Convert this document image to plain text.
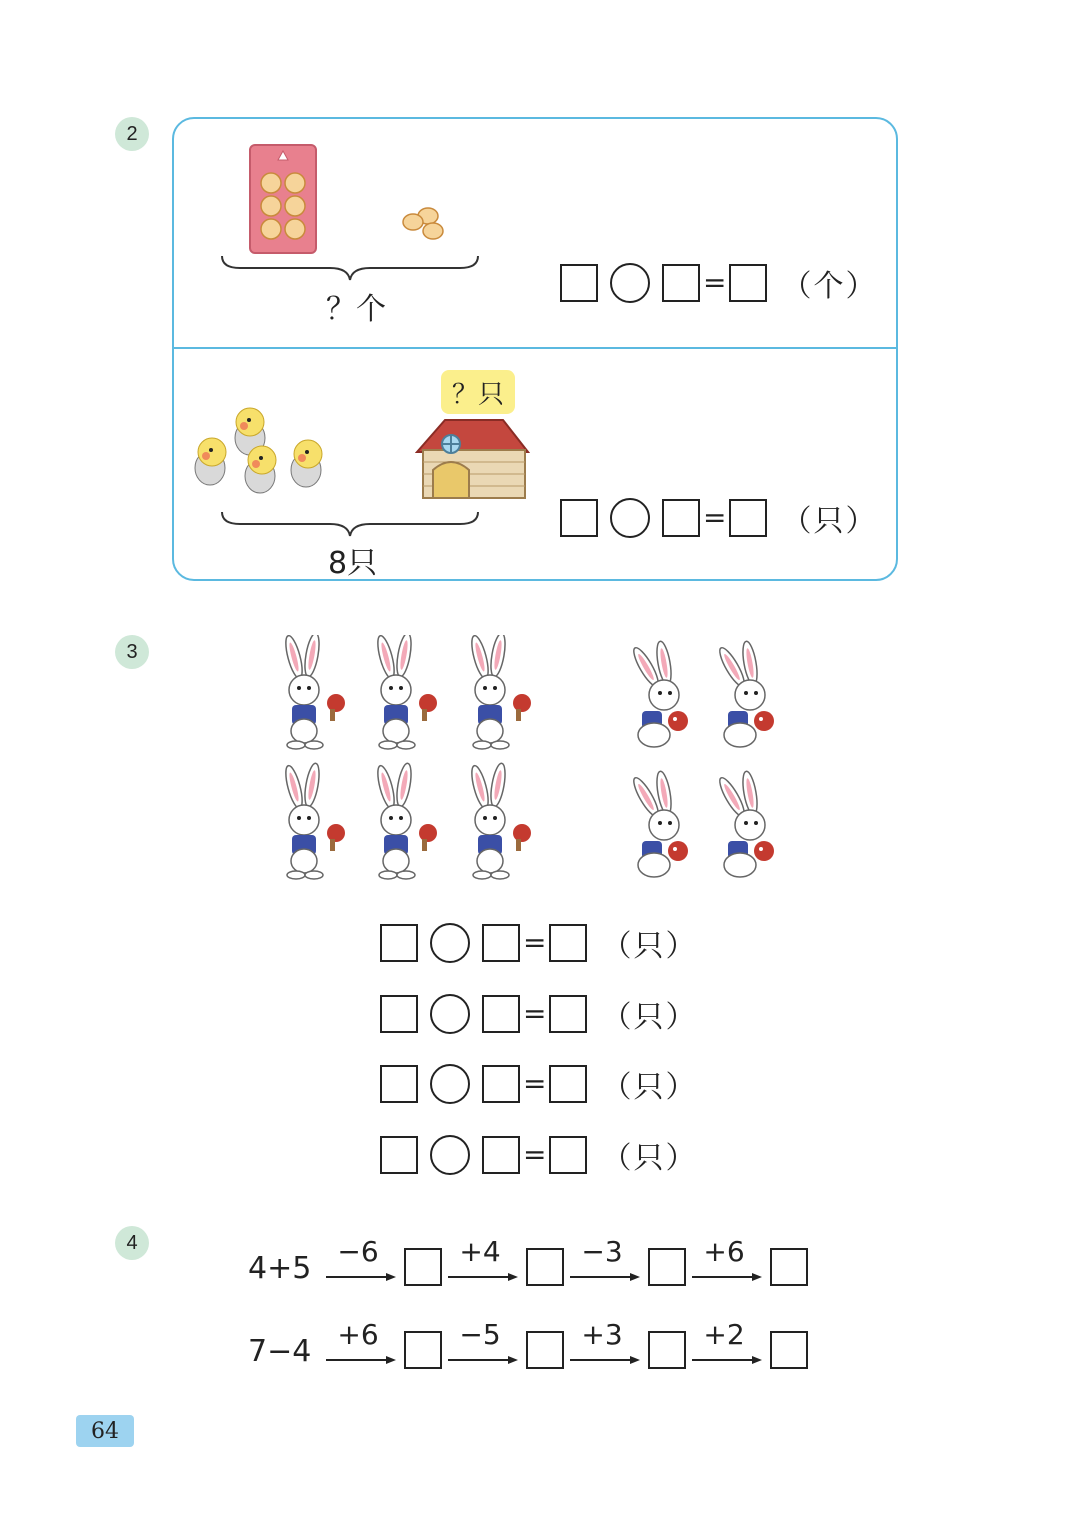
2
？个
= （个）
？只
8只
= （只）
3
= （只）
= （只）
= （只）
= （只）
4
4+5 −6	+4	−3	+6
7−4 +6	−5	+3	+2
64
